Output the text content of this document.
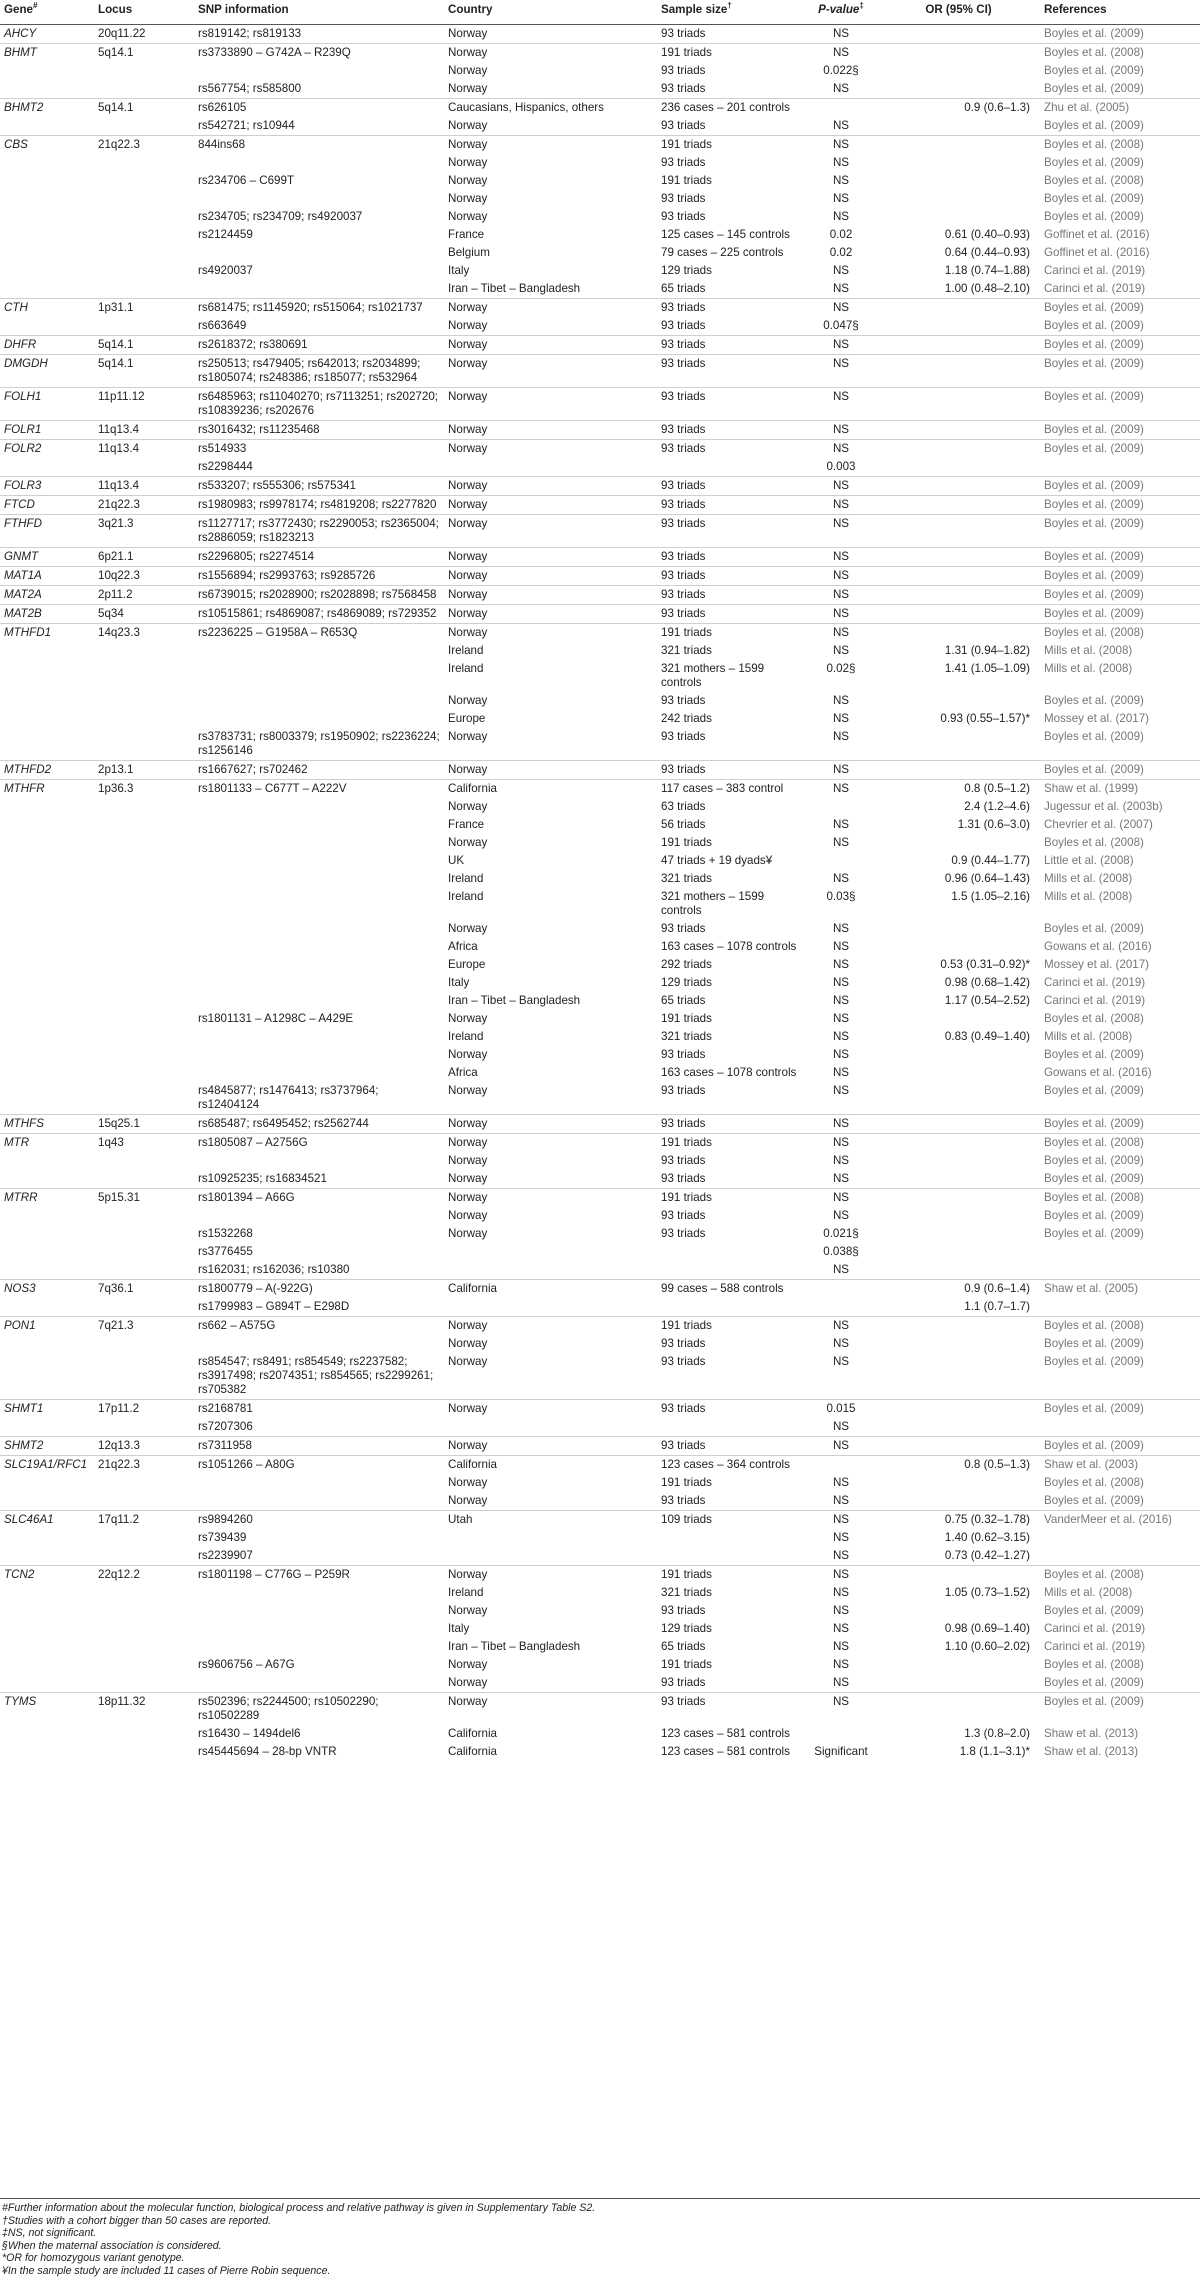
Gene#	Locus	SNP information	Country	Sample size†	P-value‡	OR (95% CI)	References
AHCY	20q11.22	rs819142; rs819133	Norway	93 triads	NS		Boyles et al. (2009)
BHMT	5q14.1	rs3733890 – G742A – R239Q	Norway	191 triads	NS		Boyles et al. (2008)
			Norway	93 triads	0.022§		Boyles et al. (2009)
		rs567754; rs585800	Norway	93 triads	NS		Boyles et al. (2009)
BHMT2	5q14.1	rs626105	Caucasians, Hispanics, others	236 cases – 201 controls		0.9 (0.6–1.3)	Zhu et al. (2005)
		rs542721; rs10944	Norway	93 triads	NS		Boyles et al. (2009)
CBS	21q22.3	844ins68	Norway	191 triads	NS		Boyles et al. (2008)
			Norway	93 triads	NS		Boyles et al. (2009)
		rs234706 – C699T	Norway	191 triads	NS		Boyles et al. (2008)
			Norway	93 triads	NS		Boyles et al. (2009)
		rs234705; rs234709; rs4920037	Norway	93 triads	NS		Boyles et al. (2009)
		rs2124459	France	125 cases – 145 controls	0.02	0.61 (0.40–0.93)	Goffinet et al. (2016)
			Belgium	79 cases – 225 controls	0.02	0.64 (0.44–0.93)	Goffinet et al. (2016)
		rs4920037	Italy	129 triads	NS	1.18 (0.74–1.88)	Carinci et al. (2019)
			Iran – Tibet – Bangladesh	65 triads	NS	1.00 (0.48–2.10)	Carinci et al. (2019)
CTH	1p31.1	rs681475; rs1145920; rs515064; rs1021737	Norway	93 triads	NS		Boyles et al. (2009)
		rs663649	Norway	93 triads	0.047§		Boyles et al. (2009)
DHFR	5q14.1	rs2618372; rs380691	Norway	93 triads	NS		Boyles et al. (2009)
DMGDH	5q14.1	rs250513; rs479405; rs642013; rs2034899; rs1805074; rs248386; rs185077; rs532964	Norway	93 triads	NS		Boyles et al. (2009)
FOLH1	11p11.12	rs6485963; rs11040270; rs7113251; rs202720; rs10839236; rs202676	Norway	93 triads	NS		Boyles et al. (2009)
FOLR1	11q13.4	rs3016432; rs11235468	Norway	93 triads	NS		Boyles et al. (2009)
FOLR2	11q13.4	rs514933	Norway	93 triads	NS		Boyles et al. (2009)
		rs2298444			0.003		
FOLR3	11q13.4	rs533207; rs555306; rs575341	Norway	93 triads	NS		Boyles et al. (2009)
FTCD	21q22.3	rs1980983; rs9978174; rs4819208; rs2277820	Norway	93 triads	NS		Boyles et al. (2009)
FTHFD	3q21.3	rs1127717; rs3772430; rs2290053; rs2365004; rs2886059; rs1823213	Norway	93 triads	NS		Boyles et al. (2009)
GNMT	6p21.1	rs2296805; rs2274514	Norway	93 triads	NS		Boyles et al. (2009)
MAT1A	10q22.3	rs1556894; rs2993763; rs9285726	Norway	93 triads	NS		Boyles et al. (2009)
MAT2A	2p11.2	rs6739015; rs2028900; rs2028898; rs7568458	Norway	93 triads	NS		Boyles et al. (2009)
MAT2B	5q34	rs10515861; rs4869087; rs4869089; rs729352	Norway	93 triads	NS		Boyles et al. (2009)
MTHFD1	14q23.3	rs2236225 – G1958A – R653Q	Norway	191 triads	NS		Boyles et al. (2008)
			Ireland	321 triads	NS	1.31 (0.94–1.82)	Mills et al. (2008)
			Ireland	321 mothers – 1599 controls	0.02§	1.41 (1.05–1.09)	Mills et al. (2008)
			Norway	93 triads	NS		Boyles et al. (2009)
			Europe	242 triads	NS	0.93 (0.55–1.57)*	Mossey et al. (2017)
		rs3783731; rs8003379; rs1950902; rs2236224; rs1256146	Norway	93 triads	NS		Boyles et al. (2009)
MTHFD2	2p13.1	rs1667627; rs702462	Norway	93 triads	NS		Boyles et al. (2009)
MTHFR	1p36.3	rs1801133 – C677T – A222V	California	117 cases – 383 control	NS	0.8 (0.5–1.2)	Shaw et al. (1999)
			Norway	63 triads		2.4 (1.2–4.6)	Jugessur et al. (2003b)
			France	56 triads	NS	1.31 (0.6–3.0)	Chevrier et al. (2007)
			Norway	191 triads	NS		Boyles et al. (2008)
			UK	47 triads + 19 dyads¥		0.9 (0.44–1.77)	Little et al. (2008)
			Ireland	321 triads	NS	0.96 (0.64–1.43)	Mills et al. (2008)
			Ireland	321 mothers – 1599 controls	0.03§	1.5 (1.05–2.16)	Mills et al. (2008)
			Norway	93 triads	NS		Boyles et al. (2009)
			Africa	163 cases – 1078 controls	NS		Gowans et al. (2016)
			Europe	292 triads	NS	0.53 (0.31–0.92)*	Mossey et al. (2017)
			Italy	129 triads	NS	0.98 (0.68–1.42)	Carinci et al. (2019)
			Iran – Tibet – Bangladesh	65 triads	NS	1.17 (0.54–2.52)	Carinci et al. (2019)
		rs1801131 – A1298C – A429E	Norway	191 triads	NS		Boyles et al. (2008)
			Ireland	321 triads	NS	0.83 (0.49–1.40)	Mills et al. (2008)
			Norway	93 triads	NS		Boyles et al. (2009)
			Africa	163 cases – 1078 controls	NS		Gowans et al. (2016)
		rs4845877; rs1476413; rs3737964; rs12404124	Norway	93 triads	NS		Boyles et al. (2009)
MTHFS	15q25.1	rs685487; rs6495452; rs2562744	Norway	93 triads	NS		Boyles et al. (2009)
MTR	1q43	rs1805087 – A2756G	Norway	191 triads	NS		Boyles et al. (2008)
			Norway	93 triads	NS		Boyles et al. (2009)
		rs10925235; rs16834521	Norway	93 triads	NS		Boyles et al. (2009)
MTRR	5p15.31	rs1801394 – A66G	Norway	191 triads	NS		Boyles et al. (2008)
			Norway	93 triads	NS		Boyles et al. (2009)
		rs1532268	Norway	93 triads	0.021§		Boyles et al. (2009)
		rs3776455			0.038§		
		rs162031; rs162036; rs10380			NS		
NOS3	7q36.1	rs1800779 – A(-922G)	California	99 cases – 588 controls		0.9 (0.6–1.4)	Shaw et al. (2005)
		rs1799983 – G894T – E298D				1.1 (0.7–1.7)	
PON1	7q21.3	rs662 – A575G	Norway	191 triads	NS		Boyles et al. (2008)
			Norway	93 triads	NS		Boyles et al. (2009)
		rs854547; rs8491; rs854549; rs2237582; rs3917498; rs2074351; rs854565; rs2299261; rs705382	Norway	93 triads	NS		Boyles et al. (2009)
SHMT1	17p11.2	rs2168781	Norway	93 triads	0.015		Boyles et al. (2009)
		rs7207306			NS		
SHMT2	12q13.3	rs7311958	Norway	93 triads	NS		Boyles et al. (2009)
SLC19A1/RFC1	21q22.3	rs1051266 – A80G	California	123 cases – 364 controls		0.8 (0.5–1.3)	Shaw et al. (2003)
			Norway	191 triads	NS		Boyles et al. (2008)
			Norway	93 triads	NS		Boyles et al. (2009)
SLC46A1	17q11.2	rs9894260	Utah	109 triads	NS	0.75 (0.32–1.78)	VanderMeer et al. (2016)
		rs739439			NS	1.40 (0.62–3.15)	
		rs2239907			NS	0.73 (0.42–1.27)	
TCN2	22q12.2	rs1801198 – C776G – P259R	Norway	191 triads	NS		Boyles et al. (2008)
			Ireland	321 triads	NS	1.05 (0.73–1.52)	Mills et al. (2008)
			Norway	93 triads	NS		Boyles et al. (2009)
			Italy	129 triads	NS	0.98 (0.69–1.40)	Carinci et al. (2019)
			Iran – Tibet – Bangladesh	65 triads	NS	1.10 (0.60–2.02)	Carinci et al. (2019)
		rs9606756 – A67G	Norway	191 triads	NS		Boyles et al. (2008)
			Norway	93 triads	NS		Boyles et al. (2009)
TYMS	18p11.32	rs502396; rs2244500; rs10502290; rs10502289	Norway	93 triads	NS		Boyles et al. (2009)
		rs16430 – 1494del6	California	123 cases – 581 controls		1.3 (0.8–2.0)	Shaw et al. (2013)
		rs45445694 – 28-bp VNTR	California	123 cases – 581 controls	Significant	1.8 (1.1–3.1)*	Shaw et al. (2013)
#Further information about the molecular function, biological process and relative pathway is given in Supplementary Table S2.
†Studies with a cohort bigger than 50 cases are reported.
‡NS, not significant.
§When the maternal association is considered.
*OR for homozygous variant genotype.
¥In the sample study are included 11 cases of Pierre Robin sequence.
